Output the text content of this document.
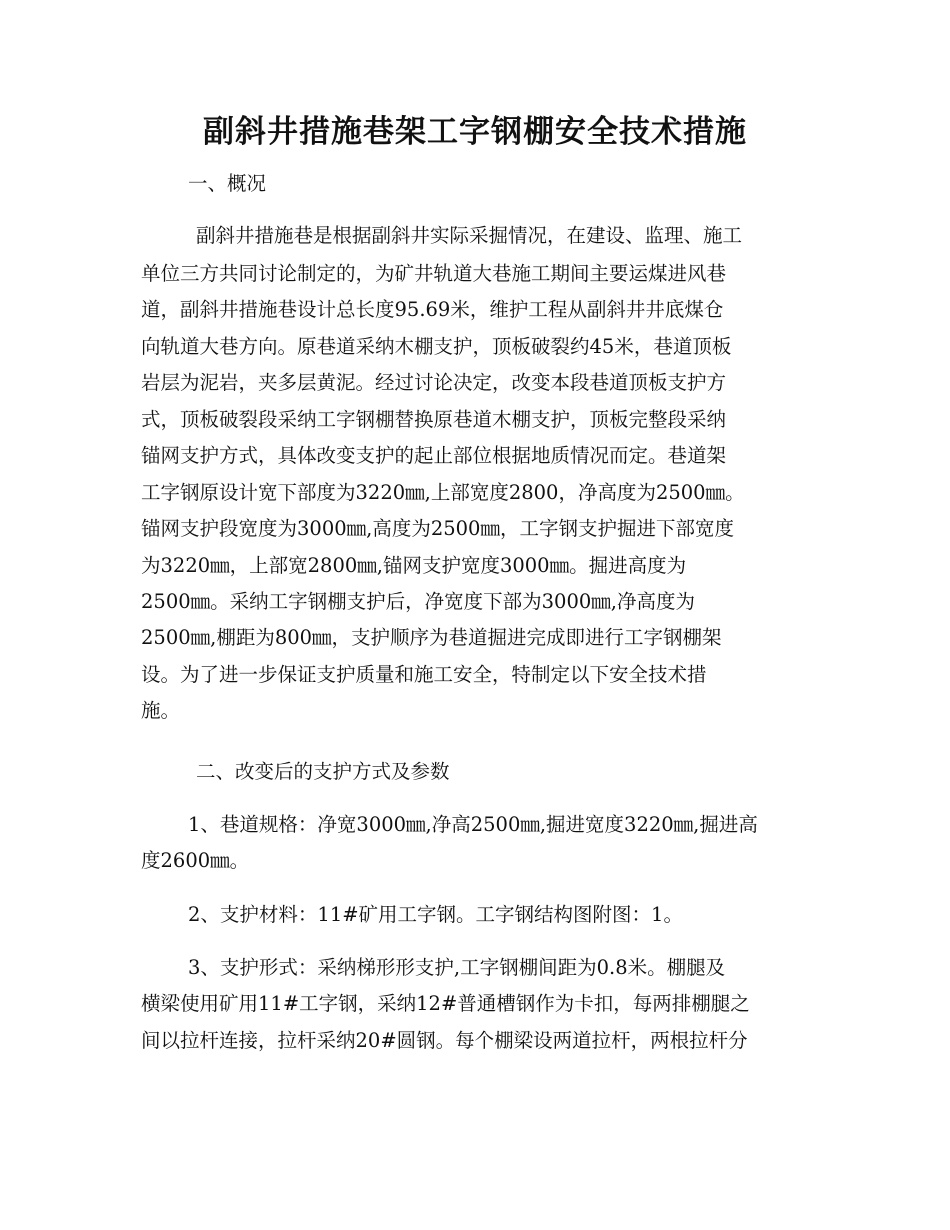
副斜井措施巷架工字钢棚安全技术措施
一、概况
副斜井措施巷是根据副斜井实际采掘情况，在建设、监理、施工
单位三方共同讨论制定的，为矿井轨道大巷施工期间主要运煤进风巷
道，副斜井措施巷设计总长度95.69米，维护工程从副斜井井底煤仓
向轨道大巷方向。原巷道采纳木棚支护，顶板破裂约45米，巷道顶板
岩层为泥岩，夹多层黄泥。经过讨论决定，改变本段巷道顶板支护方
式，顶板破裂段采纳工字钢棚替换原巷道木棚支护，顶板完整段采纳
锚网支护方式，具体改变支护的起止部位根据地质情况而定。巷道架
工字钢原设计宽下部度为3220㎜,上部宽度2800，净高度为2500㎜。
锚网支护段宽度为3000㎜,高度为2500㎜，工字钢支护掘进下部宽度
为3220㎜，上部宽2800㎜,锚网支护宽度3000㎜。掘进高度为
2500㎜。采纳工字钢棚支护后，净宽度下部为3000㎜,净高度为
2500㎜,棚距为800㎜，支护顺序为巷道掘进完成即进行工字钢棚架
设。为了进一步保证支护质量和施工安全，特制定以下安全技术措
施。
二、改变后的支护方式及参数
1、巷道规格：净宽3000㎜,净高2500㎜,掘进宽度3220㎜,掘进高
度2600㎜。
2、支护材料：11#矿用工字钢。工字钢结构图附图：1。
3、支护形式：采纳梯形形支护,工字钢棚间距为0.8米。棚腿及
横梁使用矿用11#工字钢，采纳12#普通槽钢作为卡扣，每两排棚腿之
间以拉杆连接，拉杆采纳20#圆钢。每个棚梁设两道拉杆，两根拉杆分
